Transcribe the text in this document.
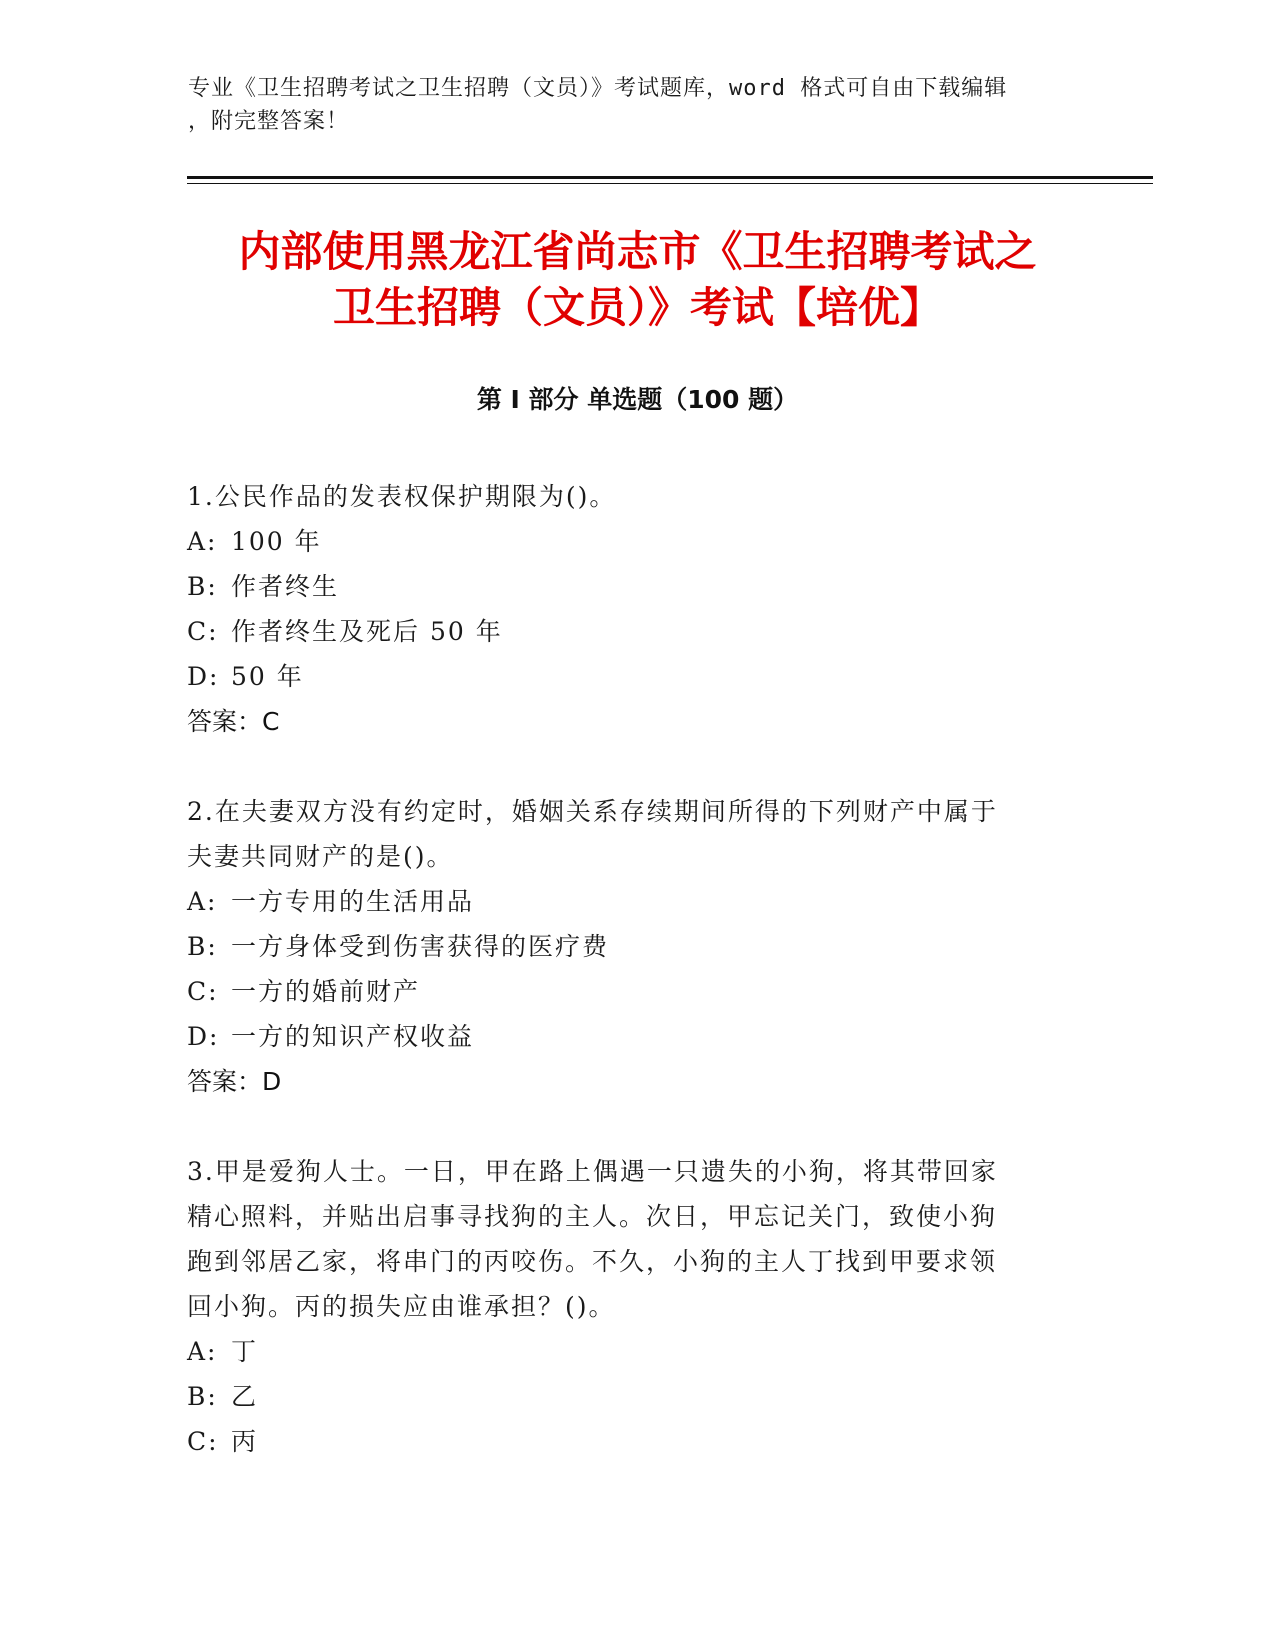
专业《卫生招聘考试之卫生招聘（文员）》考试题库，word 格式可自由下载编辑
，附完整答案！
内部使用黑龙江省尚志市《卫生招聘考试之
卫生招聘（文员）》考试【培优】
第 I 部分 单选题（100 题）

1.公民作品的发表权保护期限为()。

A: 100 年

B: 作者终生

C: 作者终生及死后 50 年

D: 50 年

答案：C

2.在夫妻双方没有约定时，婚姻关系存续期间所得的下列财产中属于

夫妻共同财产的是()。

A: 一方专用的生活用品

B: 一方身体受到伤害获得的医疗费

C: 一方的婚前财产

D: 一方的知识产权收益

答案：D

3.甲是爱狗人士。一日，甲在路上偶遇一只遗失的小狗，将其带回家

精心照料，并贴出启事寻找狗的主人。次日，甲忘记关门，致使小狗

跑到邻居乙家，将串门的丙咬伤。不久，小狗的主人丁找到甲要求领

回小狗。丙的损失应由谁承担？()。

A: 丁

B: 乙

C: 丙
